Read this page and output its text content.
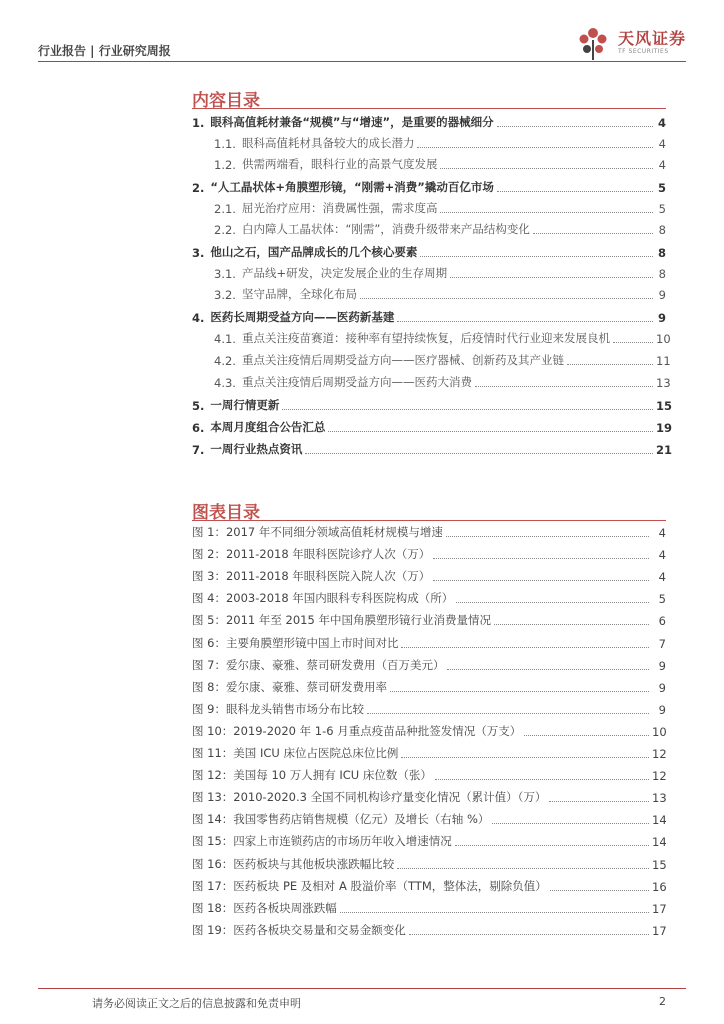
行业报告 | 行业研究周报
天风证券
TF SECURITIES
内容目录
1. 眼科高值耗材兼备“规模”与“增速”，是重要的器械细分	4
1.1. 眼科高值耗材具备较大的成长潜力	4
1.2. 供需两端看，眼科行业的高景气度发展	4
2. “人工晶状体+角膜塑形镜，“刚需+消费”撬动百亿市场	5
2.1. 屈光治疗应用：消费属性强，需求度高	5
2.2. 白内障人工晶状体：“刚需”，消费升级带来产品结构变化	8
3. 他山之石，国产品牌成长的几个核心要素	8
3.1. 产品线+研发，决定发展企业的生存周期	8
3.2. 坚守品牌，全球化布局	9
4. 医药长周期受益方向——医药新基建	9
4.1. 重点关注疫苗赛道：接种率有望持续恢复，后疫情时代行业迎来发展良机	10
4.2. 重点关注疫情后周期受益方向——医疗器械、创新药及其产业链	11
4.3. 重点关注疫情后周期受益方向——医药大消费	13
5. 一周行情更新	15
6. 本周月度组合公告汇总	19
7. 一周行业热点资讯	21
图表目录
图 1：2017 年不同细分领域高值耗材规模与增速	4
图 2：2011-2018 年眼科医院诊疗人次（万）	4
图 3：2011-2018 年眼科医院入院人次（万）	4
图 4：2003-2018 年国内眼科专科医院构成（所）	5
图 5：2011 年至 2015 年中国角膜塑形镜行业消费量情况	6
图 6：主要角膜塑形镜中国上市时间对比	7
图 7：爱尔康、豪雅、蔡司研发费用（百万美元）	9
图 8：爱尔康、豪雅、蔡司研发费用率	9
图 9：眼科龙头销售市场分布比较	9
图 10：2019-2020 年 1-6 月重点疫苗品种批签发情况（万支）	10
图 11：美国 ICU 床位占医院总床位比例	12
图 12：美国每 10 万人拥有 ICU 床位数（张）	12
图 13：2010-2020.3 全国不同机构诊疗量变化情况（累计值）（万）	13
图 14：我国零售药店销售规模（亿元）及增长（右轴 %）	14
图 15：四家上市连锁药店的市场历年收入增速情况	14
图 16：医药板块与其他板块涨跌幅比较	15
图 17：医药板块 PE 及相对 A 股溢价率（TTM，整体法，剔除负值）	16
图 18：医药各板块周涨跌幅	17
图 19：医药各板块交易量和交易金额变化	17
请务必阅读正文之后的信息披露和免责申明	2
